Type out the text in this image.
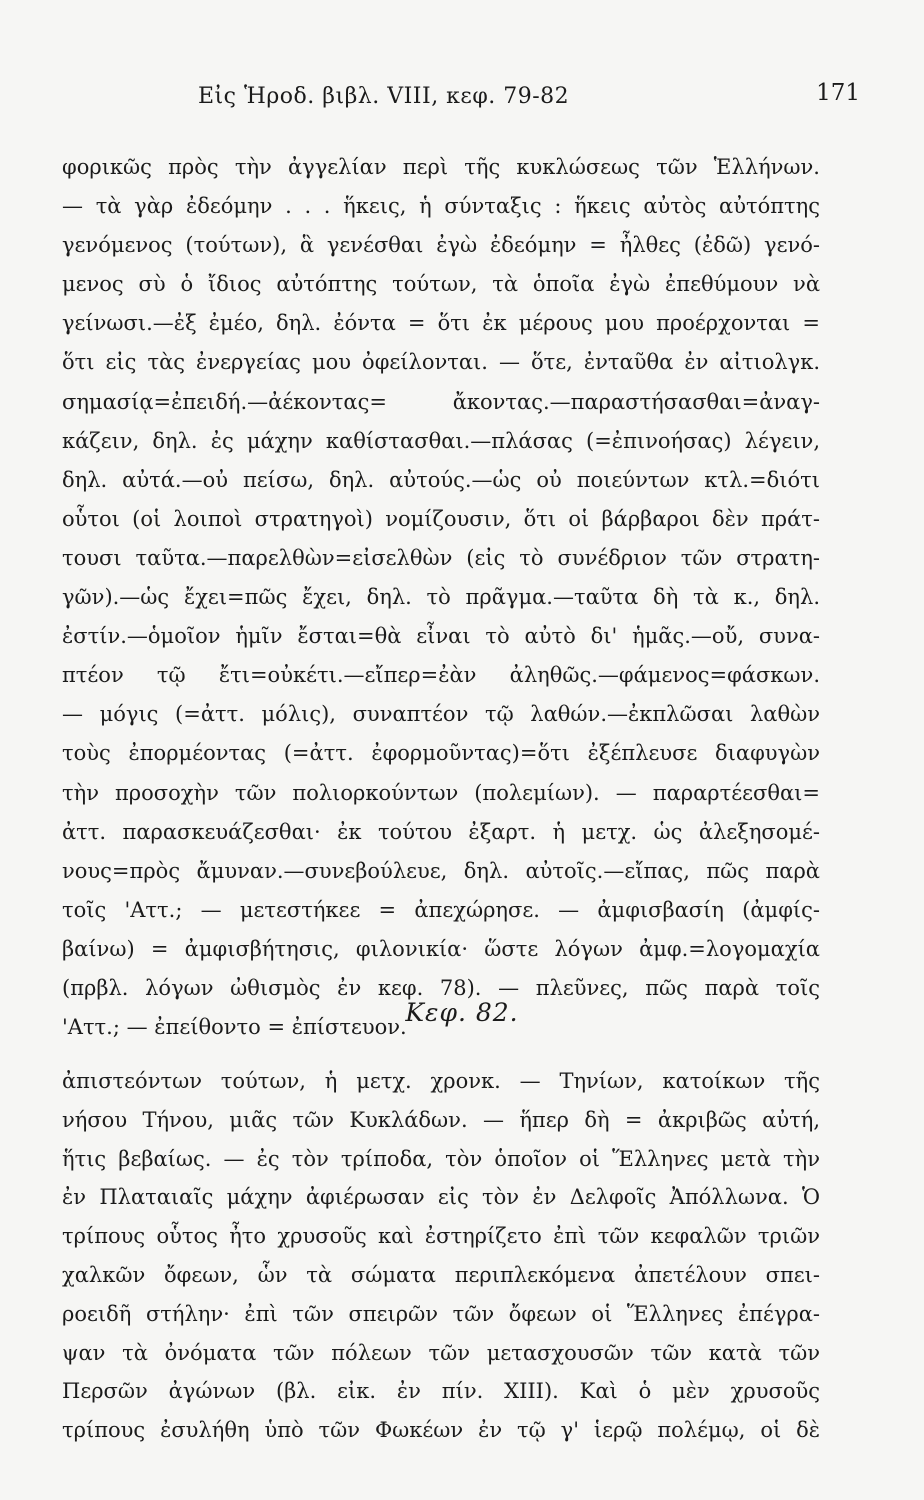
Εἰς Ἡροδ. βιβλ. VIII, κεφ. 79-82	171
φορικῶς πρὸς τὴν ἀγγελίαν περὶ τῆς κυκλώσεως τῶν Ἑλλήνων.
— τὰ γὰρ ἐδεόμην . . . ἥκεις, ἡ σύνταξις : ἥκεις αὐτὸς αὐτόπτης
γενόμενος (τούτων), ἃ γενέσθαι ἐγὼ ἐδεόμην = ἦλθες (ἐδῶ) γενό-
μενος σὺ ὁ ἴδιος αὐτόπτης τούτων, τὰ ὁποῖα ἐγὼ ἐπεθύμουν νὰ
γείνωσι.—ἐξ ἐμέο, δηλ. ἐόντα = ὅτι ἐκ μέρους μου προέρχονται =
ὅτι εἰς τὰς ἐνεργείας μου ὀφείλονται. — ὅτε, ἐνταῦθα ἐν αἰτιολγκ.
σημασίᾳ=ἐπειδή.—ἀέκοντας= ἄκοντας.—παραστήσασθαι=ἀναγ-
κάζειν, δηλ. ἐς μάχην καθίστασθαι.—πλάσας (=ἐπινοήσας) λέγειν,
δηλ. αὐτά.—οὐ πείσω, δηλ. αὐτούς.—ὡς οὐ ποιεύντων κτλ.=διότι
οὗτοι (οἱ λοιποὶ στρατηγοὶ) νομίζουσιν, ὅτι οἱ βάρβαροι δὲν πράτ-
τουσι ταῦτα.—παρελθὼν=εἰσελθὼν (εἰς τὸ συνέδριον τῶν στρατη-
γῶν).—ὡς ἔχει=πῶς ἔχει, δηλ. τὸ πρᾶγμα.—ταῦτα δὴ τὰ κ., δηλ.
ἐστίν.—ὁμοῖον ἡμῖν ἔσται=θὰ εἶναι τὸ αὐτὸ δι' ἡμᾶς.—οὔ, συνα-
πτέον τῷ ἔτι=οὐκέτι.—εἴπερ=ἐὰν ἀληθῶς.—φάμενος=φάσκων.
— μόγις (=ἀττ. μόλις), συναπτέον τῷ λαθών.—ἐκπλῶσαι λαθὼν
τοὺς ἐπορμέοντας (=ἀττ. ἐφορμοῦντας)=ὅτι ἐξέπλευσε διαφυγὼν
τὴν προσοχὴν τῶν πολιορκούντων (πολεμίων). — παραρτέεσθαι=
ἀττ. παρασκευάζεσθαι· ἐκ τούτου ἐξαρτ. ἡ μετχ. ὡς ἀλεξησομέ-
νους=πρὸς ἄμυναν.—συνεβούλευε, δηλ. αὐτοῖς.—εἴπας, πῶς παρὰ
τοῖς 'Αττ.; — μετεστήκεε = ἀπεχώρησε. — ἀμφισβασίη (ἀμφίς-
βαίνω) = ἀμφισβήτησις, φιλονικία· ὥστε λόγων ἀμφ.=λογομαχία
(πρβλ. λόγων ὠθισμὸς ἐν κεφ. 78). — πλεῦνες, πῶς παρὰ τοῖς
'Αττ.; — ἐπείθοντο = ἐπίστευον.
Κεφ. 82.
ἀπιστεόντων τούτων, ἡ μετχ. χρονκ. — Τηνίων, κατοίκων τῆς
νήσου Τήνου, μιᾶς τῶν Κυκλάδων. — ἥπερ δὴ = ἀκριβῶς αὐτή,
ἥτις βεβαίως. — ἐς τὸν τρίποδα, τὸν ὁποῖον οἱ Ἕλληνες μετὰ τὴν
ἐν Πλαταιαῖς μάχην ἀφιέρωσαν εἰς τὸν ἐν Δελφοῖς Ἀπόλλωνα. Ὁ
τρίπους οὗτος ἦτο χρυσοῦς καὶ ἐστηρίζετο ἐπὶ τῶν κεφαλῶν τριῶν
χαλκῶν ὄφεων, ὧν τὰ σώματα περιπλεκόμενα ἀπετέλουν σπει-
ροειδῆ στήλην· ἐπὶ τῶν σπειρῶν τῶν ὄφεων οἱ Ἕλληνες ἐπέγρα-
ψαν τὰ ὀνόματα τῶν πόλεων τῶν μετασχουσῶν τῶν κατὰ τῶν
Περσῶν ἀγώνων (βλ. εἰκ. ἐν πίν. XIII). Καὶ ὁ μὲν χρυσοῦς
τρίπους ἐσυλήθη ὑπὸ τῶν Φωκέων ἐν τῷ γ' ἱερῷ πολέμῳ, οἱ δὲ
